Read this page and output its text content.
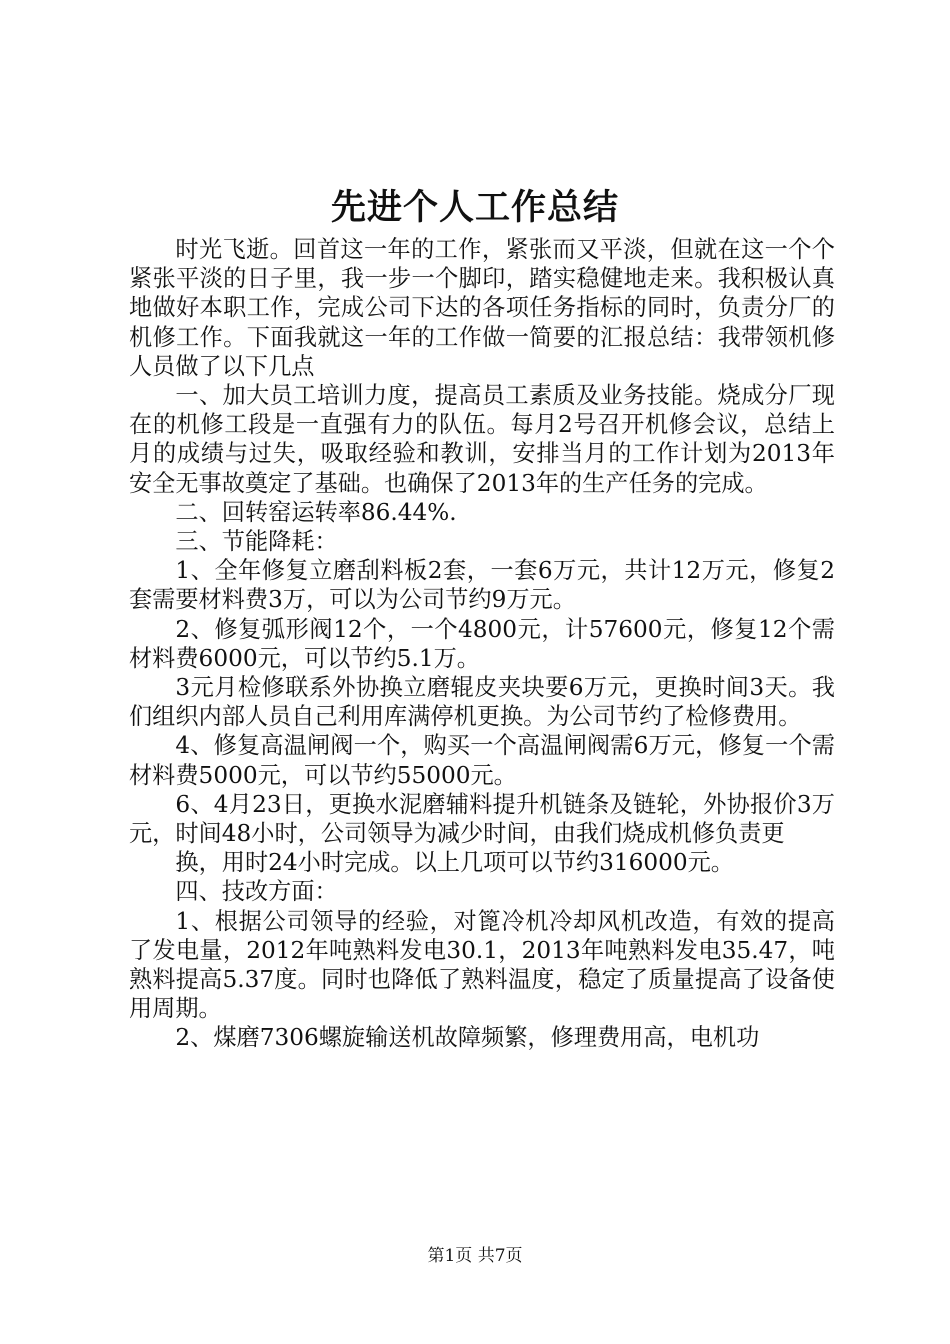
先进个人工作总结

时光飞逝。回首这一年的工作，紧张而又平淡，但就在这一个个紧张平淡的日子里，我一步一个脚印，踏实稳健地走来。我积极认真地做好本职工作，完成公司下达的各项任务指标的同时，负责分厂的机修工作。下面我就这一年的工作做一简要的汇报总结：我带领机修人员做了以下几点

一、加大员工培训力度，提高员工素质及业务技能。烧成分厂现在的机修工段是一直强有力的队伍。每月2号召开机修会议，总结上月的成绩与过失，吸取经验和教训，安排当月的工作计划为2013年安全无事故奠定了基础。也确保了2013年的生产任务的完成。

二、回转窑运转率86.44%.

三、节能降耗：

1、全年修复立磨刮料板2套，一套6万元，共计12万元，修复2套需要材料费3万，可以为公司节约9万元。

2、修复弧形阀12个，一个4800元，计57600元，修复12个需材料费6000元，可以节约5.1万。

3元月检修联系外协换立磨辊皮夹块要6万元，更换时间3天。我们组织内部人员自己利用库满停机更换。为公司节约了检修费用。

4、修复高温闸阀一个，购买一个高温闸阀需6万元，修复一个需材料费5000元，可以节约55000元。

6、4月23日，更换水泥磨辅料提升机链条及链轮，外协报价3万元，时间48小时，公司领导为减少时间，由我们烧成机修负责更

换，用时24小时完成。以上几项可以节约316000元。

四、技改方面：

1、根据公司领导的经验，对篦冷机冷却风机改造，有效的提高了发电量，2012年吨熟料发电30.1，2013年吨熟料发电35.47，吨熟料提高5.37度。同时也降低了熟料温度，稳定了质量提高了设备使用周期。

2、煤磨7306螺旋输送机故障频繁，修理费用高，电机功

第1页 共7页
